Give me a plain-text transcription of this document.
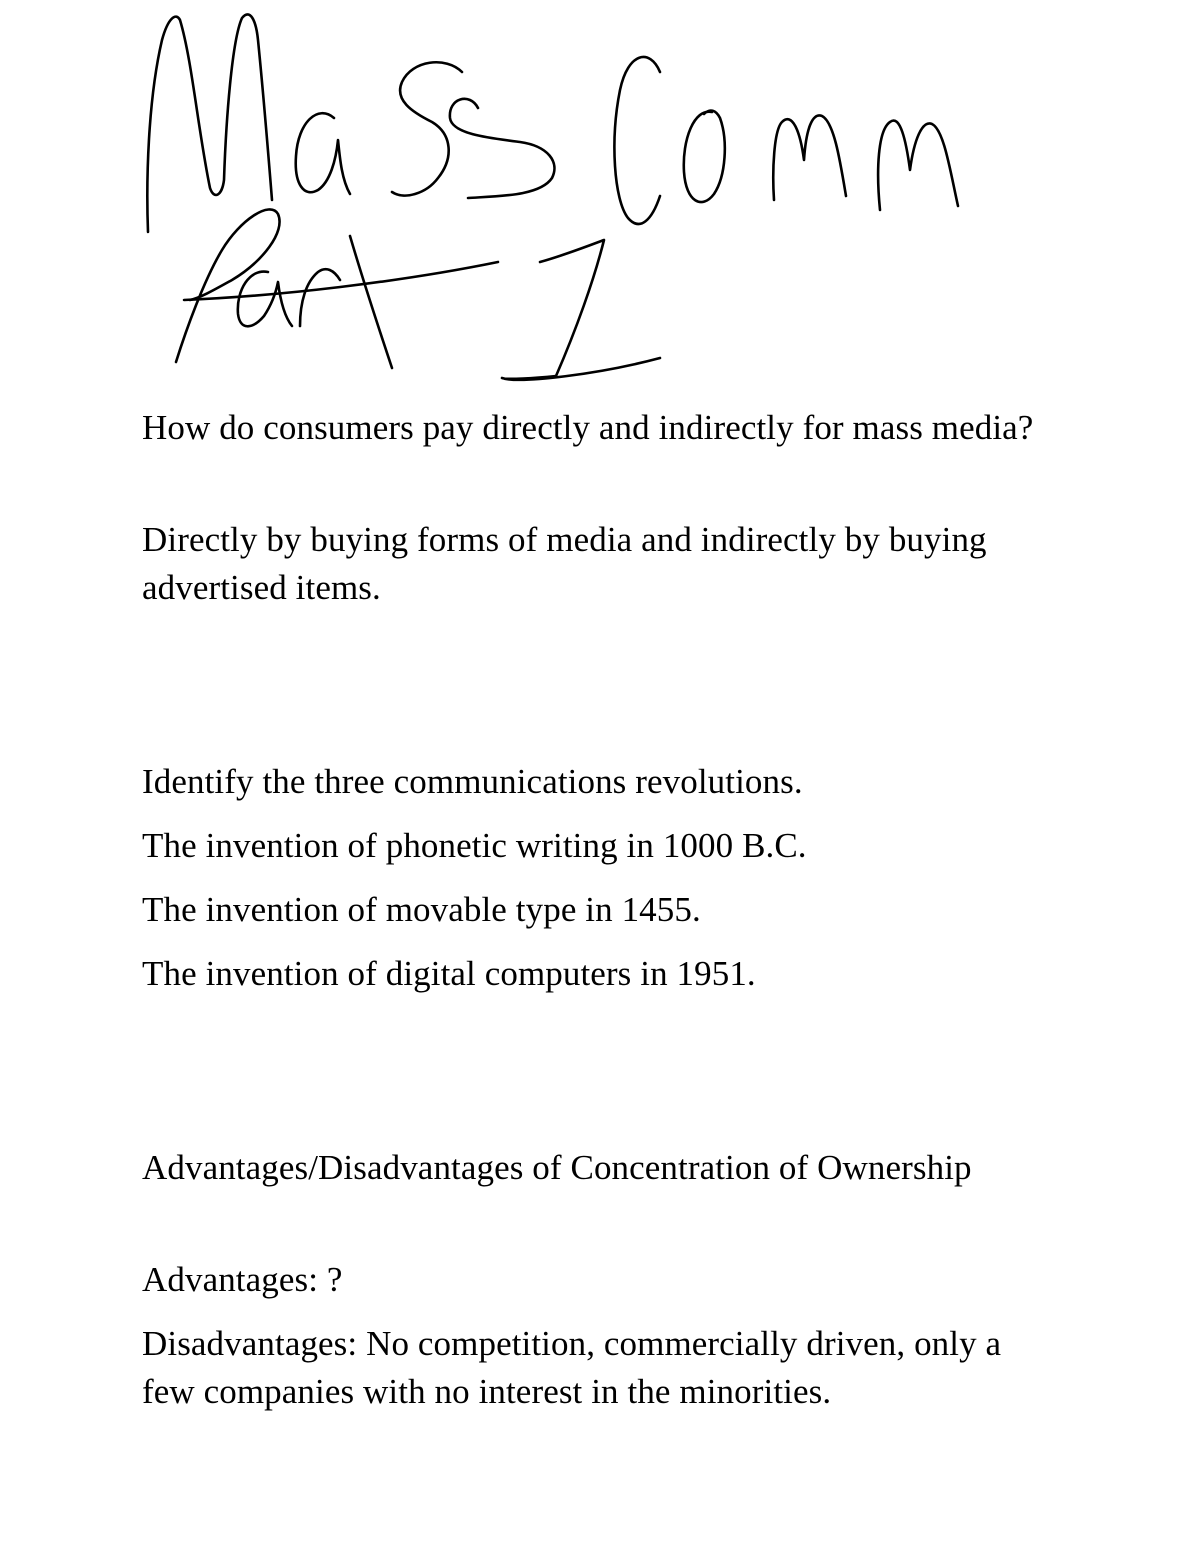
How do consumers pay directly and indirectly for mass media?

Directly by buying forms of media and indirectly by buying advertised items.

Identify the three communications revolutions.

The invention of phonetic writing in 1000 B.C.

The invention of movable type in 1455.

The invention of digital computers in 1951.

Advantages/Disadvantages of Concentration of Ownership

Advantages: ?

Disadvantages: No competition, commercially driven, only a few companies with no interest in the minorities.
